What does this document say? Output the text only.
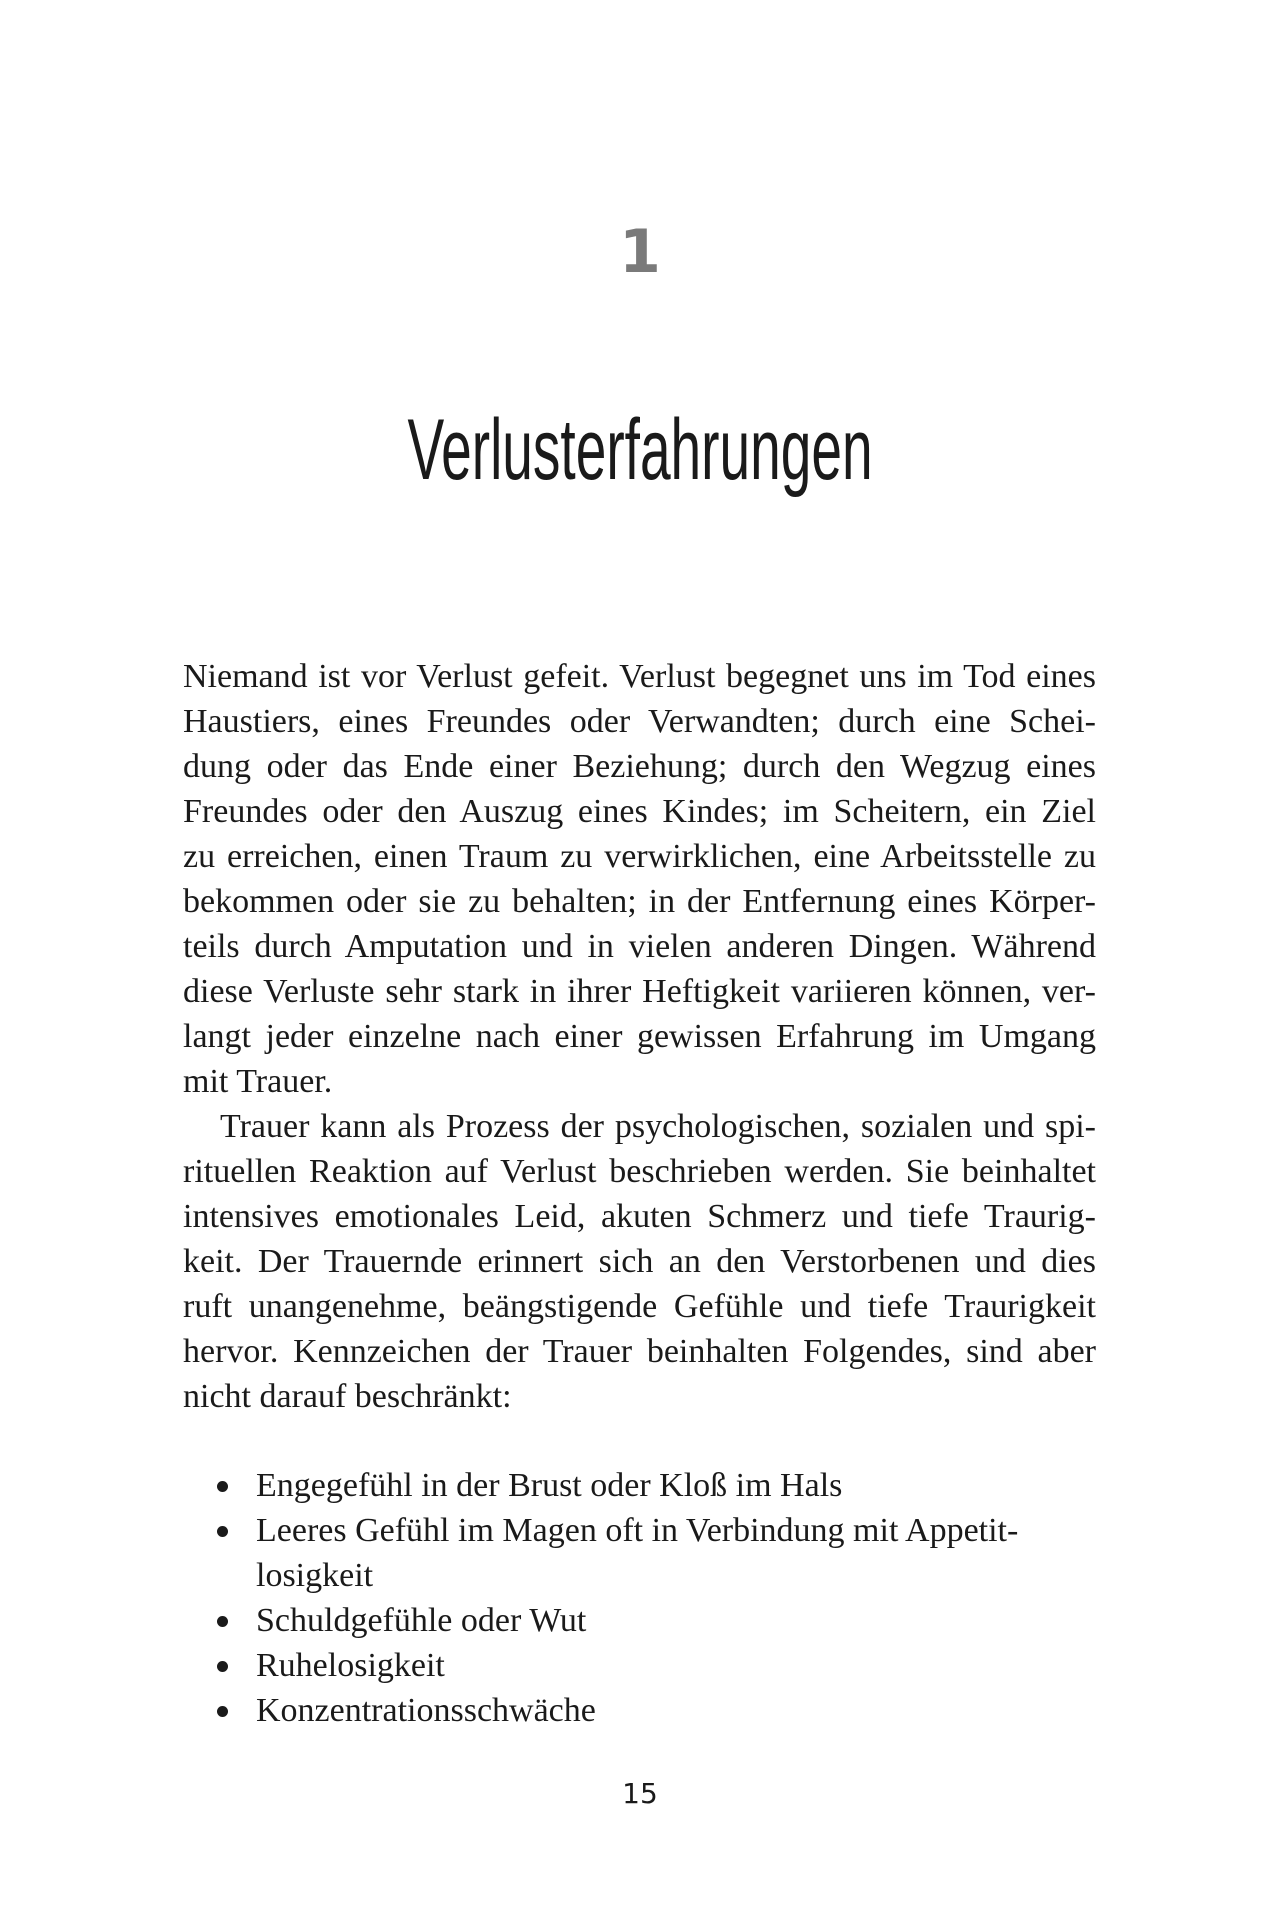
1
Verlusterfahrungen
Niemand ist vor Verlust gefeit. Verlust begegnet uns im Tod eines
Haustiers, eines Freundes oder Verwandten; durch eine Schei-
dung oder das Ende einer Beziehung; durch den Wegzug eines
Freundes oder den Auszug eines Kindes; im Scheitern, ein Ziel
zu erreichen, einen Traum zu verwirklichen, eine Arbeitsstelle zu
bekommen oder sie zu behalten; in der Entfernung eines Körper-
teils durch Amputation und in vielen anderen Dingen. Während
diese Verluste sehr stark in ihrer Heftigkeit variieren können, ver-
langt jeder einzelne nach einer gewissen Erfahrung im Umgang
mit Trauer.
Trauer kann als Prozess der psychologischen, sozialen und spi-
rituellen Reaktion auf Verlust beschrieben werden. Sie beinhaltet
intensives emotionales Leid, akuten Schmerz und tiefe Traurig-
keit. Der Trauernde erinnert sich an den Verstorbenen und dies
ruft unangenehme, beängstigende Gefühle und tiefe Traurigkeit
hervor. Kennzeichen der Trauer beinhalten Folgendes, sind aber
nicht darauf beschränkt:
Engegefühl in der Brust oder Kloß im Hals
Leeres Gefühl im Magen oft in Verbindung mit Appetit-
losigkeit
Schuldgefühle oder Wut
Ruhelosigkeit
Konzentrationsschwäche
15
